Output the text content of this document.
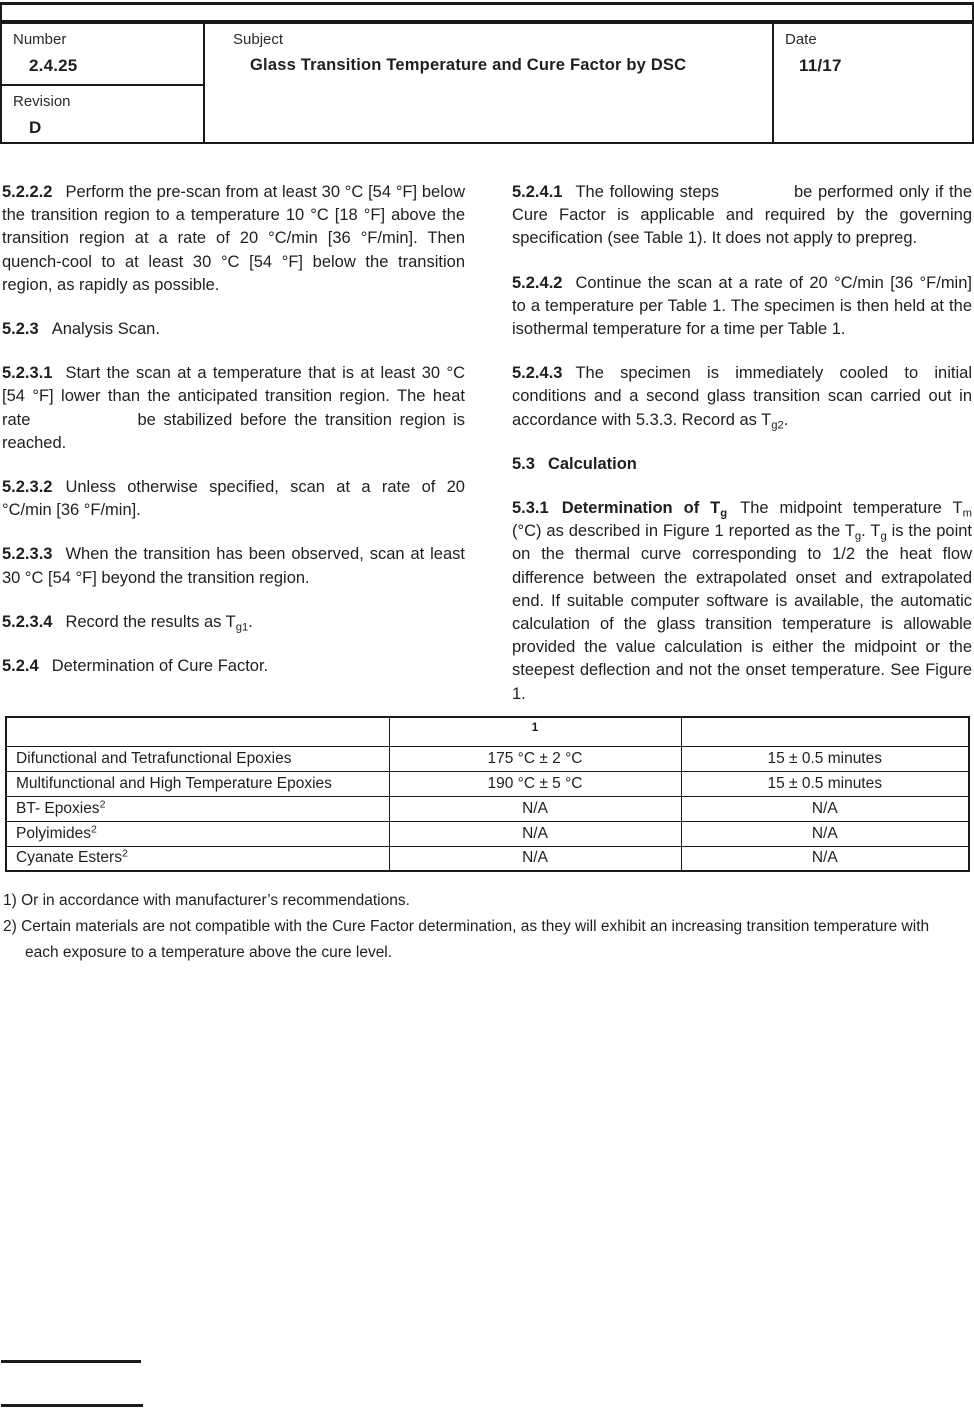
Number
2.4.25
Revision
D
Subject
Glass Transition Temperature and Cure Factor by DSC
Date
11/17

5.2.2.2 Perform the pre-scan from at least 30 °C [54 °F] below the transition region to a temperature 10 °C [18 °F] above the transition region at a rate of 20 °C/min [36 °F/min]. Then quench-cool to at least 30 °C [54 °F] below the transition region, as rapidly as possible.

5.2.3 Analysis Scan.

5.2.3.1 Start the scan at a temperature that is at least 30 °C [54 °F] lower than the anticipated transition region. The heat rate              be stabilized before the transition region is reached.

5.2.3.2 Unless otherwise specified, scan at a rate of 20 °C/min [36 °F/min].

5.2.3.3 When the transition has been observed, scan at least 30 °C [54 °F] beyond the transition region.

5.2.3.4 Record the results as $T_{g1}$.

5.2.4 Determination of Cure Factor.

5.2.4.1 The following steps             be performed only if the Cure Factor is applicable and required by the governing specification (see Table 1). It does not apply to prepreg.

5.2.4.2 Continue the scan at a rate of 20 °C/min [36 °F/min] to a temperature per Table 1. The specimen is then held at the isothermal temperature for a time per Table 1.

5.2.4.3 The specimen is immediately cooled to initial conditions and a second glass transition scan carried out in accordance with 5.3.3. Record as $T_{g2}$.

5.3 Calculation

5.3.1 Determination of $T_g$ The midpoint temperature $T_m$ (°C) as described in Figure 1 reported as the $T_g$. $T_g$ is the point on the thermal curve corresponding to 1/2 the heat flow difference between the extrapolated onset and extrapolated end. If suitable computer software is available, the automatic calculation of the glass transition temperature is allowable provided the value calculation is either the midpoint or the steepest deflection and not the onset temperature. See Figure 1.

	1	
Difunctional and Tetrafunctional Epoxies	175 °C ± 2 °C	15 ± 0.5 minutes
Multifunctional and High Temperature Epoxies	190 °C ± 5 °C	15 ± 0.5 minutes
BT- Epoxies$^2$	N/A	N/A
Polyimides$^2$	N/A	N/A
Cyanate Esters$^2$	N/A	N/A

1) Or in accordance with manufacturer’s recommendations.

2) Certain materials are not compatible with the Cure Factor determination, as they will exhibit an increasing transition temperature with each exposure to a temperature above the cure level.
